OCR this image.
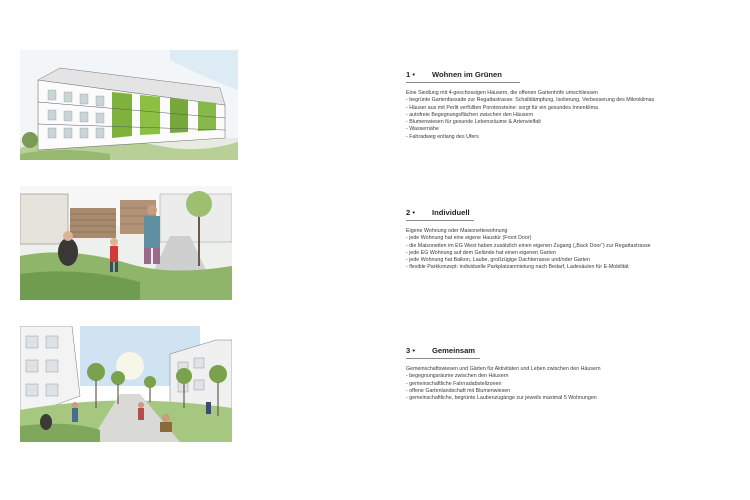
1 • Wohnen im Grünen
Eine Siedlung mit 4-geschossigen Häusern, die offenen Gartenhöfe umschliessen
- begrünte Gartenfassade zur Regattastrasse: Schalldämpfung, Isolierung, Verbesserung des Mikroklimas
- Häuser aus mit Perlit verfüllten Porotonsteine: sorgt für ein gesundes Innenklima
- autofreie Begegnungsflächen zwischen den Häusern
- Blumenwiesen für gesunde Lebensräume & Artenvielfalt
- Wassernähe
- Fahradweg entlang des Ufers
2 • Individuell
Eigene Wohnung oder Maisonettewohnung
- jede Wohnung hat eine eigene Haustür (Front Door)
- die Maisonetten im EG West haben zusätzlich einen eigenen Zugang („Back Door“) zur Regattastrasse
- jede EG Wohnung auf dem Gelände hat einen eigenen Garten
- jede Wohnung hat Balkon, Laube, großzügige Dachterrasse und/oder Garten
- flexible Parkkonzept: individuelle Parkplatzanmietung nach Bedarf, Ladesäulen für E-Mobilität
3 • Gemeinsam
Gemeinschaftswiesen und Gärten für Aktivitäten und Leben zwischen den Häusern
- begegnungsräume zwischen den Häusern
- gemeinschaftliche Fahrradabstellzonen
- offene Gartenlandschaft mit Blumenwiesen
- gemeinschaftliche, begrünte Laubenzugänge zur jeweils maximal 5 Wohnungen
